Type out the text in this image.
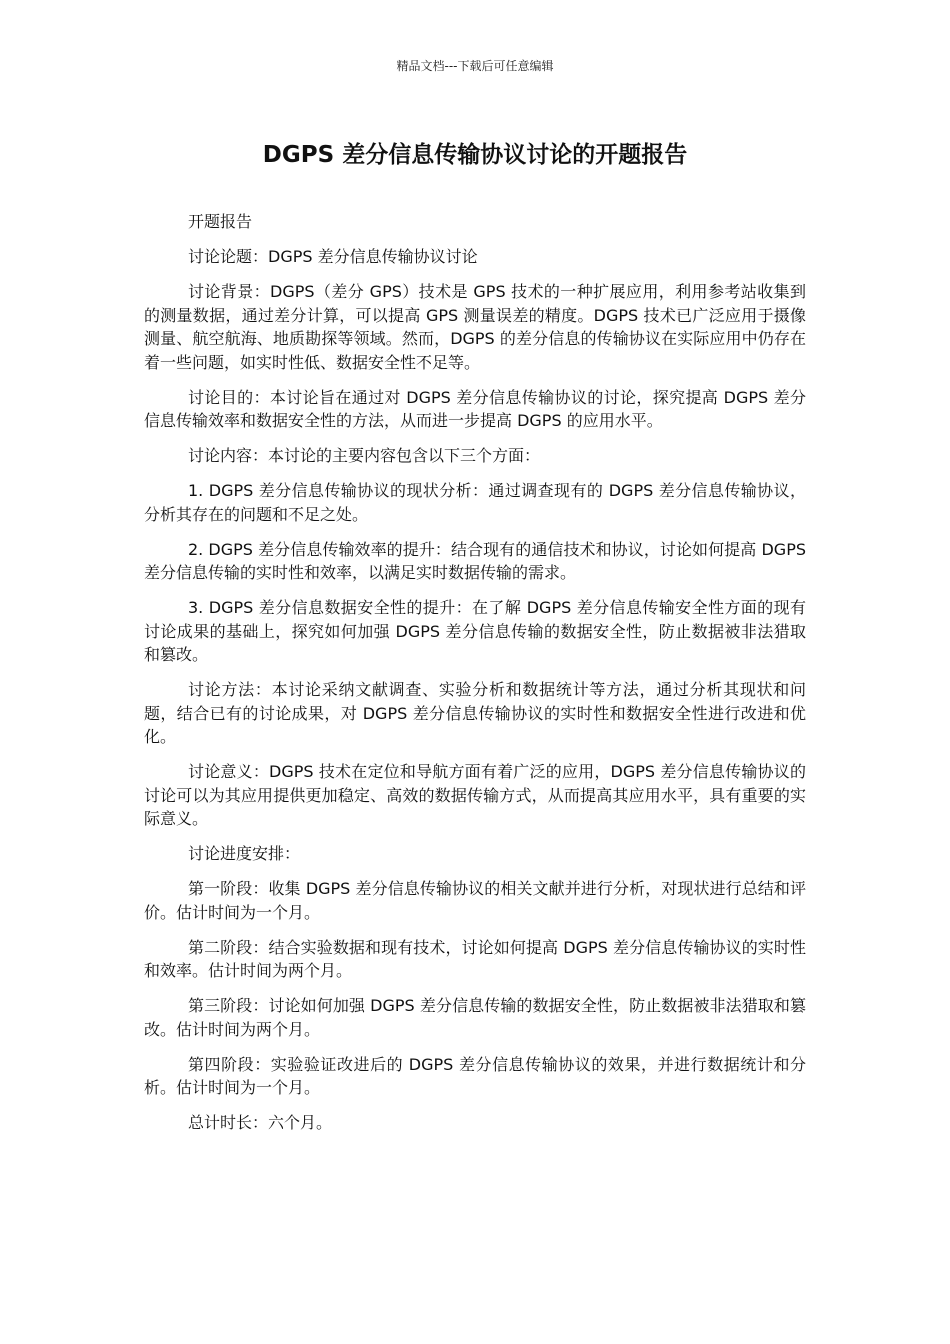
精品文档---下载后可任意编辑
DGPS 差分信息传输协议讨论的开题报告

开题报告

讨论论题：DGPS 差分信息传输协议讨论

讨论背景：DGPS（差分 GPS）技术是 GPS 技术的一种扩展应用，利用参考站收集到的测量数据，通过差分计算，可以提高 GPS 测量误差的精度。DGPS 技术已广泛应用于摄像测量、航空航海、地质勘探等领域。然而，DGPS 的差分信息的传输协议在实际应用中仍存在着一些问题，如实时性低、数据安全性不足等。

讨论目的：本讨论旨在通过对 DGPS 差分信息传输协议的讨论，探究提高 DGPS 差分信息传输效率和数据安全性的方法，从而进一步提高 DGPS 的应用水平。

讨论内容：本讨论的主要内容包含以下三个方面：

1. DGPS 差分信息传输协议的现状分析：通过调查现有的 DGPS 差分信息传输协议，分析其存在的问题和不足之处。

2. DGPS 差分信息传输效率的提升：结合现有的通信技术和协议，讨论如何提高 DGPS 差分信息传输的实时性和效率，以满足实时数据传输的需求。

3. DGPS 差分信息数据安全性的提升：在了解 DGPS 差分信息传输安全性方面的现有讨论成果的基础上，探究如何加强 DGPS 差分信息传输的数据安全性，防止数据被非法猎取和篡改。

讨论方法：本讨论采纳文献调查、实验分析和数据统计等方法，通过分析其现状和问题，结合已有的讨论成果，对 DGPS 差分信息传输协议的实时性和数据安全性进行改进和优化。

讨论意义：DGPS 技术在定位和导航方面有着广泛的应用，DGPS 差分信息传输协议的讨论可以为其应用提供更加稳定、高效的数据传输方式，从而提高其应用水平，具有重要的实际意义。

讨论进度安排：

第一阶段：收集 DGPS 差分信息传输协议的相关文献并进行分析，对现状进行总结和评价。估计时间为一个月。

第二阶段：结合实验数据和现有技术，讨论如何提高 DGPS 差分信息传输协议的实时性和效率。估计时间为两个月。

第三阶段：讨论如何加强 DGPS 差分信息传输的数据安全性，防止数据被非法猎取和篡改。估计时间为两个月。

第四阶段：实验验证改进后的 DGPS 差分信息传输协议的效果，并进行数据统计和分析。估计时间为一个月。

总计时长：六个月。
